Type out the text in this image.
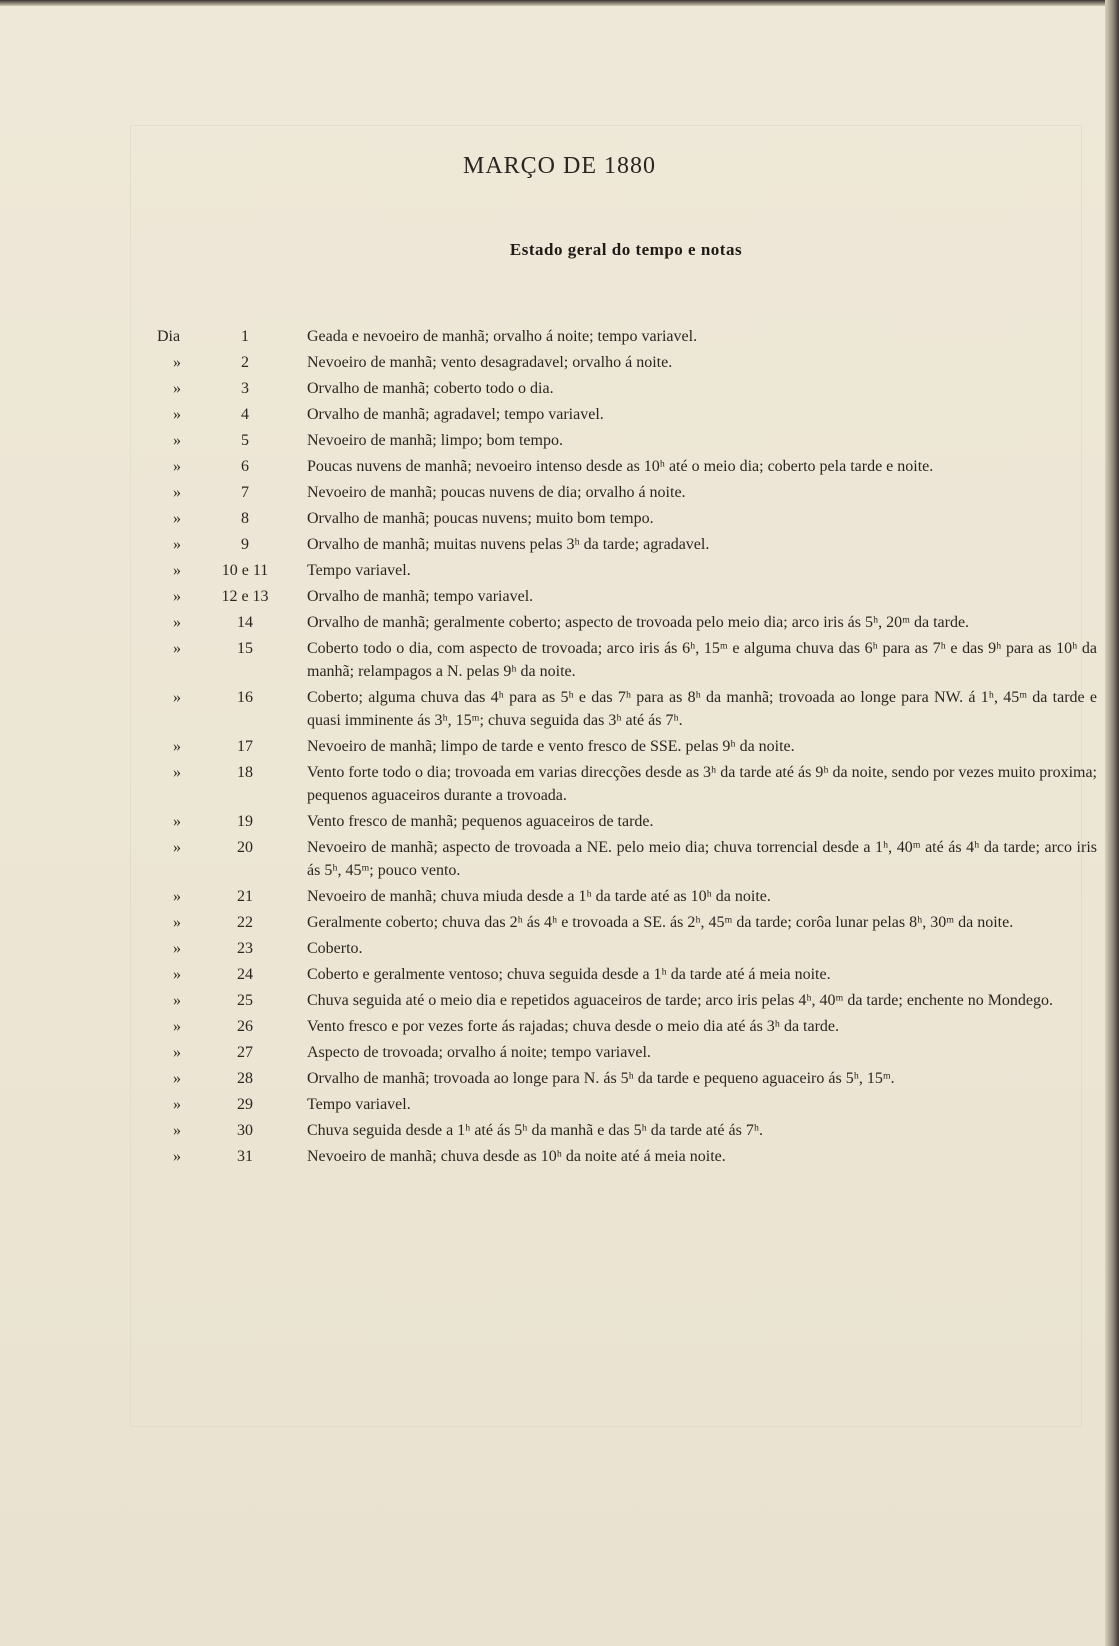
MARÇO DE 1880
Estado geral do tempo e notas
Dia	1	Geada e nevoeiro de manhã; orvalho á noite; tempo variavel.
»	2	Nevoeiro de manhã; vento desagradavel; orvalho á noite.
»	3	Orvalho de manhã; coberto todo o dia.
»	4	Orvalho de manhã; agradavel; tempo variavel.
»	5	Nevoeiro de manhã; limpo; bom tempo.
»	6	Poucas nuvens de manhã; nevoeiro intenso desde as 10ʰ até o meio dia; coberto pela tarde e noite.
»	7	Nevoeiro de manhã; poucas nuvens de dia; orvalho á noite.
»	8	Orvalho de manhã; poucas nuvens; muito bom tempo.
»	9	Orvalho de manhã; muitas nuvens pelas 3ʰ da tarde; agradavel.
»	10 e 11	Tempo variavel.
»	12 e 13	Orvalho de manhã; tempo variavel.
»	14	Orvalho de manhã; geralmente coberto; aspecto de trovoada pelo meio dia; arco iris ás 5ʰ, 20ᵐ da tarde.
»	15	Coberto todo o dia, com aspecto de trovoada; arco iris ás 6ʰ, 15ᵐ e alguma chuva das 6ʰ para as 7ʰ e das 9ʰ para as 10ʰ da manhã; relampagos a N. pelas 9ʰ da noite.
»	16	Coberto; alguma chuva das 4ʰ para as 5ʰ e das 7ʰ para as 8ʰ da manhã; trovoada ao longe para NW. á 1ʰ, 45ᵐ da tarde e quasi imminente ás 3ʰ, 15ᵐ; chuva seguida das 3ʰ até ás 7ʰ.
»	17	Nevoeiro de manhã; limpo de tarde e vento fresco de SSE. pelas 9ʰ da noite.
»	18	Vento forte todo o dia; trovoada em varias direcções desde as 3ʰ da tarde até ás 9ʰ da noite, sendo por vezes muito proxima; pequenos aguaceiros durante a trovoada.
»	19	Vento fresco de manhã; pequenos aguaceiros de tarde.
»	20	Nevoeiro de manhã; aspecto de trovoada a NE. pelo meio dia; chuva torrencial desde a 1ʰ, 40ᵐ até ás 4ʰ da tarde; arco iris ás 5ʰ, 45ᵐ; pouco vento.
»	21	Nevoeiro de manhã; chuva miuda desde a 1ʰ da tarde até as 10ʰ da noite.
»	22	Geralmente coberto; chuva das 2ʰ ás 4ʰ e trovoada a SE. ás 2ʰ, 45ᵐ da tarde; corôa lunar pelas 8ʰ, 30ᵐ da noite.
»	23	Coberto.
»	24	Coberto e geralmente ventoso; chuva seguida desde a 1ʰ da tarde até á meia noite.
»	25	Chuva seguida até o meio dia e repetidos aguaceiros de tarde; arco iris pelas 4ʰ, 40ᵐ da tarde; enchente no Mondego.
»	26	Vento fresco e por vezes forte ás rajadas; chuva desde o meio dia até ás 3ʰ da tarde.
»	27	Aspecto de trovoada; orvalho á noite; tempo variavel.
»	28	Orvalho de manhã; trovoada ao longe para N. ás 5ʰ da tarde e pequeno aguaceiro ás 5ʰ, 15ᵐ.
»	29	Tempo variavel.
»	30	Chuva seguida desde a 1ʰ até ás 5ʰ da manhã e das 5ʰ da tarde até ás 7ʰ.
»	31	Nevoeiro de manhã; chuva desde as 10ʰ da noite até á meia noite.
